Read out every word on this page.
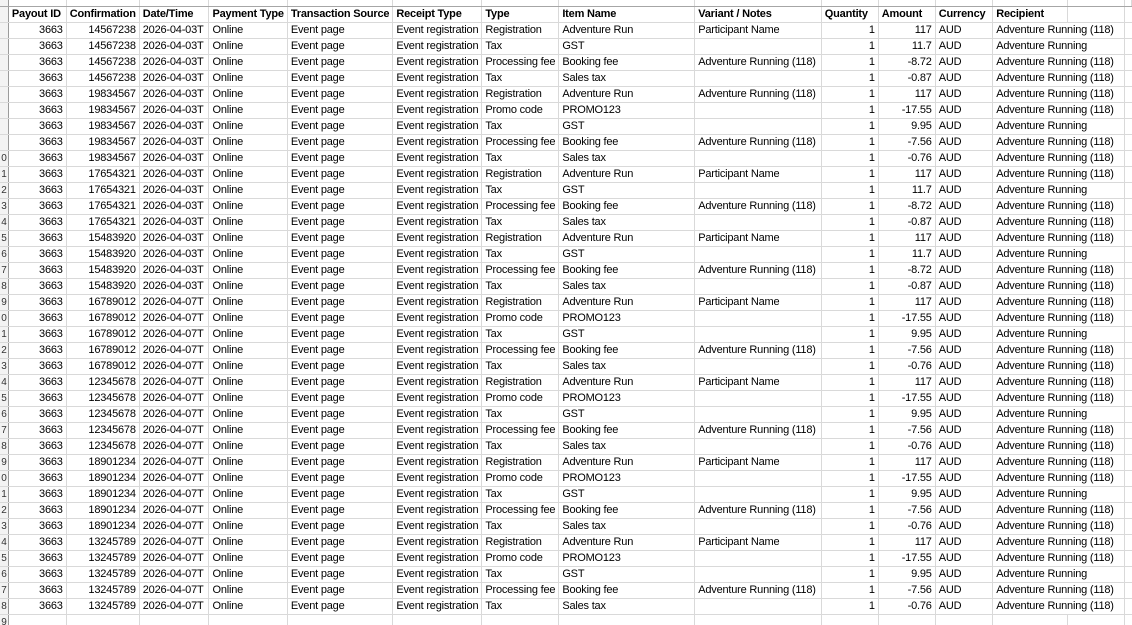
	Payout ID	Confirmation	Date/Time	Payment Type	Transaction Source	Receipt Type	Type	Item Name	Variant / Notes	Quantity	Amount	Currency	Recipient		
	3663	14567238	2026-04-03T	Online	Event page	Event registration	Registration	Adventure Run	Participant Name	1	117	AUD	Adventure Running (118)		
	3663	14567238	2026-04-03T	Online	Event page	Event registration	Tax	GST		1	11.7	AUD	Adventure Running		
	3663	14567238	2026-04-03T	Online	Event page	Event registration	Processing fee	Booking fee	Adventure Running (118)	1	-8.72	AUD	Adventure Running (118)		
	3663	14567238	2026-04-03T	Online	Event page	Event registration	Tax	Sales tax		1	-0.87	AUD	Adventure Running (118)		
	3663	19834567	2026-04-03T	Online	Event page	Event registration	Registration	Adventure Run	Adventure Running (118)	1	117	AUD	Adventure Running (118)		
	3663	19834567	2026-04-03T	Online	Event page	Event registration	Promo code	PROMO123		1	-17.55	AUD	Adventure Running (118)		
	3663	19834567	2026-04-03T	Online	Event page	Event registration	Tax	GST		1	9.95	AUD	Adventure Running		
	3663	19834567	2026-04-03T	Online	Event page	Event registration	Processing fee	Booking fee	Adventure Running (118)	1	-7.56	AUD	Adventure Running (118)		
0	3663	19834567	2026-04-03T	Online	Event page	Event registration	Tax	Sales tax		1	-0.76	AUD	Adventure Running (118)		
1	3663	17654321	2026-04-03T	Online	Event page	Event registration	Registration	Adventure Run	Participant Name	1	117	AUD	Adventure Running (118)		
2	3663	17654321	2026-04-03T	Online	Event page	Event registration	Tax	GST		1	11.7	AUD	Adventure Running		
3	3663	17654321	2026-04-03T	Online	Event page	Event registration	Processing fee	Booking fee	Adventure Running (118)	1	-8.72	AUD	Adventure Running (118)		
4	3663	17654321	2026-04-03T	Online	Event page	Event registration	Tax	Sales tax		1	-0.87	AUD	Adventure Running (118)		
5	3663	15483920	2026-04-03T	Online	Event page	Event registration	Registration	Adventure Run	Participant Name	1	117	AUD	Adventure Running (118)		
6	3663	15483920	2026-04-03T	Online	Event page	Event registration	Tax	GST		1	11.7	AUD	Adventure Running		
7	3663	15483920	2026-04-03T	Online	Event page	Event registration	Processing fee	Booking fee	Adventure Running (118)	1	-8.72	AUD	Adventure Running (118)		
8	3663	15483920	2026-04-03T	Online	Event page	Event registration	Tax	Sales tax		1	-0.87	AUD	Adventure Running (118)		
9	3663	16789012	2026-04-07T	Online	Event page	Event registration	Registration	Adventure Run	Participant Name	1	117	AUD	Adventure Running (118)		
0	3663	16789012	2026-04-07T	Online	Event page	Event registration	Promo code	PROMO123		1	-17.55	AUD	Adventure Running (118)		
1	3663	16789012	2026-04-07T	Online	Event page	Event registration	Tax	GST		1	9.95	AUD	Adventure Running		
2	3663	16789012	2026-04-07T	Online	Event page	Event registration	Processing fee	Booking fee	Adventure Running (118)	1	-7.56	AUD	Adventure Running (118)		
3	3663	16789012	2026-04-07T	Online	Event page	Event registration	Tax	Sales tax		1	-0.76	AUD	Adventure Running (118)		
4	3663	12345678	2026-04-07T	Online	Event page	Event registration	Registration	Adventure Run	Participant Name	1	117	AUD	Adventure Running (118)		
5	3663	12345678	2026-04-07T	Online	Event page	Event registration	Promo code	PROMO123		1	-17.55	AUD	Adventure Running (118)		
6	3663	12345678	2026-04-07T	Online	Event page	Event registration	Tax	GST		1	9.95	AUD	Adventure Running		
7	3663	12345678	2026-04-07T	Online	Event page	Event registration	Processing fee	Booking fee	Adventure Running (118)	1	-7.56	AUD	Adventure Running (118)		
8	3663	12345678	2026-04-07T	Online	Event page	Event registration	Tax	Sales tax		1	-0.76	AUD	Adventure Running (118)		
9	3663	18901234	2026-04-07T	Online	Event page	Event registration	Registration	Adventure Run	Participant Name	1	117	AUD	Adventure Running (118)		
0	3663	18901234	2026-04-07T	Online	Event page	Event registration	Promo code	PROMO123		1	-17.55	AUD	Adventure Running (118)		
1	3663	18901234	2026-04-07T	Online	Event page	Event registration	Tax	GST		1	9.95	AUD	Adventure Running		
2	3663	18901234	2026-04-07T	Online	Event page	Event registration	Processing fee	Booking fee	Adventure Running (118)	1	-7.56	AUD	Adventure Running (118)		
3	3663	18901234	2026-04-07T	Online	Event page	Event registration	Tax	Sales tax		1	-0.76	AUD	Adventure Running (118)		
4	3663	13245789	2026-04-07T	Online	Event page	Event registration	Registration	Adventure Run	Participant Name	1	117	AUD	Adventure Running (118)		
5	3663	13245789	2026-04-07T	Online	Event page	Event registration	Promo code	PROMO123		1	-17.55	AUD	Adventure Running (118)		
6	3663	13245789	2026-04-07T	Online	Event page	Event registration	Tax	GST		1	9.95	AUD	Adventure Running		
7	3663	13245789	2026-04-07T	Online	Event page	Event registration	Processing fee	Booking fee	Adventure Running (118)	1	-7.56	AUD	Adventure Running (118)		
8	3663	13245789	2026-04-07T	Online	Event page	Event registration	Tax	Sales tax		1	-0.76	AUD	Adventure Running (118)		
9															
